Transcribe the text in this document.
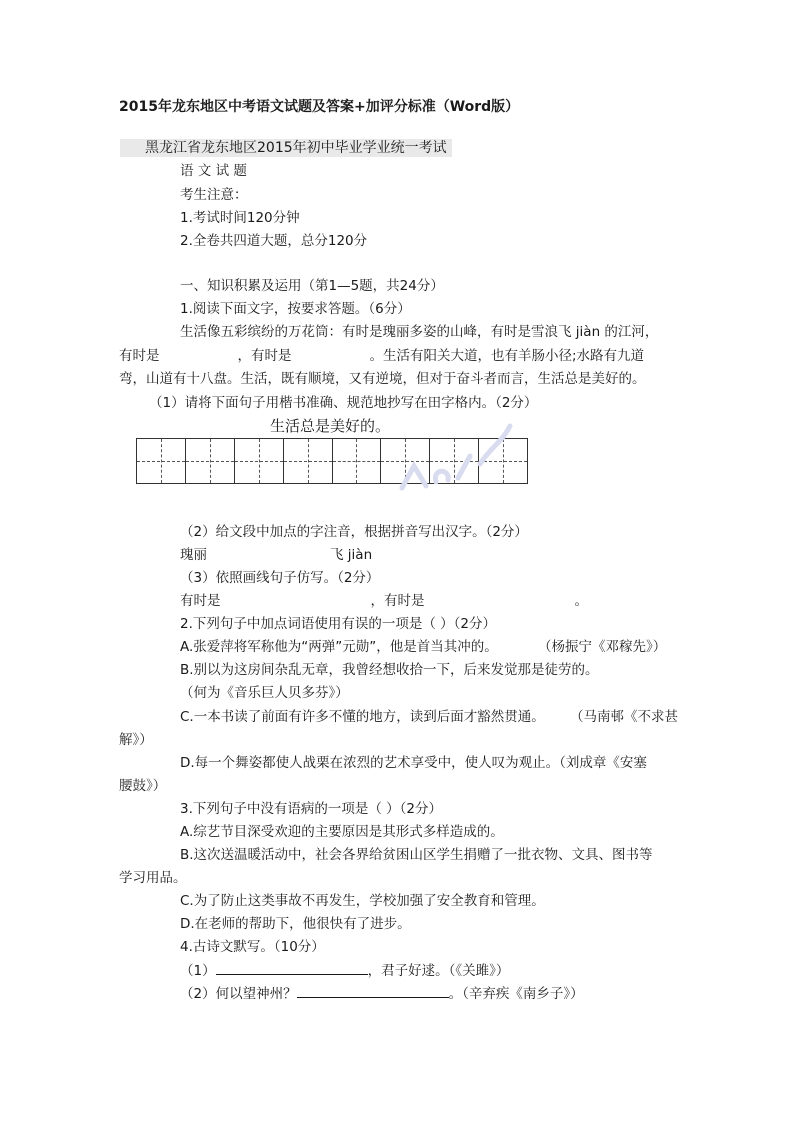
2015年龙东地区中考语文试题及答案+加评分标准（Word版）
黑龙江省龙东地区2015年初中毕业学业统一考试
语 文 试 题
考生注意：
1.考试时间120分钟
2.全卷共四道大题，总分120分
一、知识积累及运用（第1—5题，共24分）
1.阅读下面文字，按要求答题。（6分）
生活像五彩缤纷的万花筒：有时是瑰丽多姿的山峰，有时是雪浪飞 jiàn 的江河，
有时是	，有时是	。生活有阳关大道，也有羊肠小径;水路有九道
弯，山道有十八盘。生活，既有顺境，又有逆境，但对于奋斗者而言，生活总是美好的。
（1）请将下面句子用楷书准确、规范地抄写在田字格内。（2分）
生活总是美好的。
（2）给文段中加点的字注音，根据拼音写出汉字。（2分）
瑰丽	飞 jiàn
（3）依照画线句子仿写。（2分）
有时是	，有时是	。
2.下列句子中加点词语使用有误的一项是（ ）（2分）
A.张爱萍将军称他为“两弹”元勋”，他是首当其冲的。	（杨振宁《邓稼先》）
B.别以为这房间杂乱无章，我曾经想收拾一下，后来发觉那是徒劳的。
（何为《音乐巨人贝多芬》）
C.一本书读了前面有许多不懂的地方，读到后面才豁然贯通。 （马南邨《不求甚
解》）
D.每一个舞姿都使人战栗在浓烈的艺术享受中，使人叹为观止。（刘成章《安塞
腰鼓》）
3.下列句子中没有语病的一项是（ ）（2分）
A.综艺节目深受欢迎的主要原因是其形式多样造成的。
B.这次送温暖活动中，社会各界给贫困山区学生捐赠了一批衣物、文具、图书等
学习用品。
C.为了防止这类事故不再发生，学校加强了安全教育和管理。
D.在老师的帮助下，他很快有了进步。
4.古诗文默写。（10分）
（1）	，君子好逑。（《关雎》）
（2）何以望神州？	。（辛弃疾《南乡子》）
